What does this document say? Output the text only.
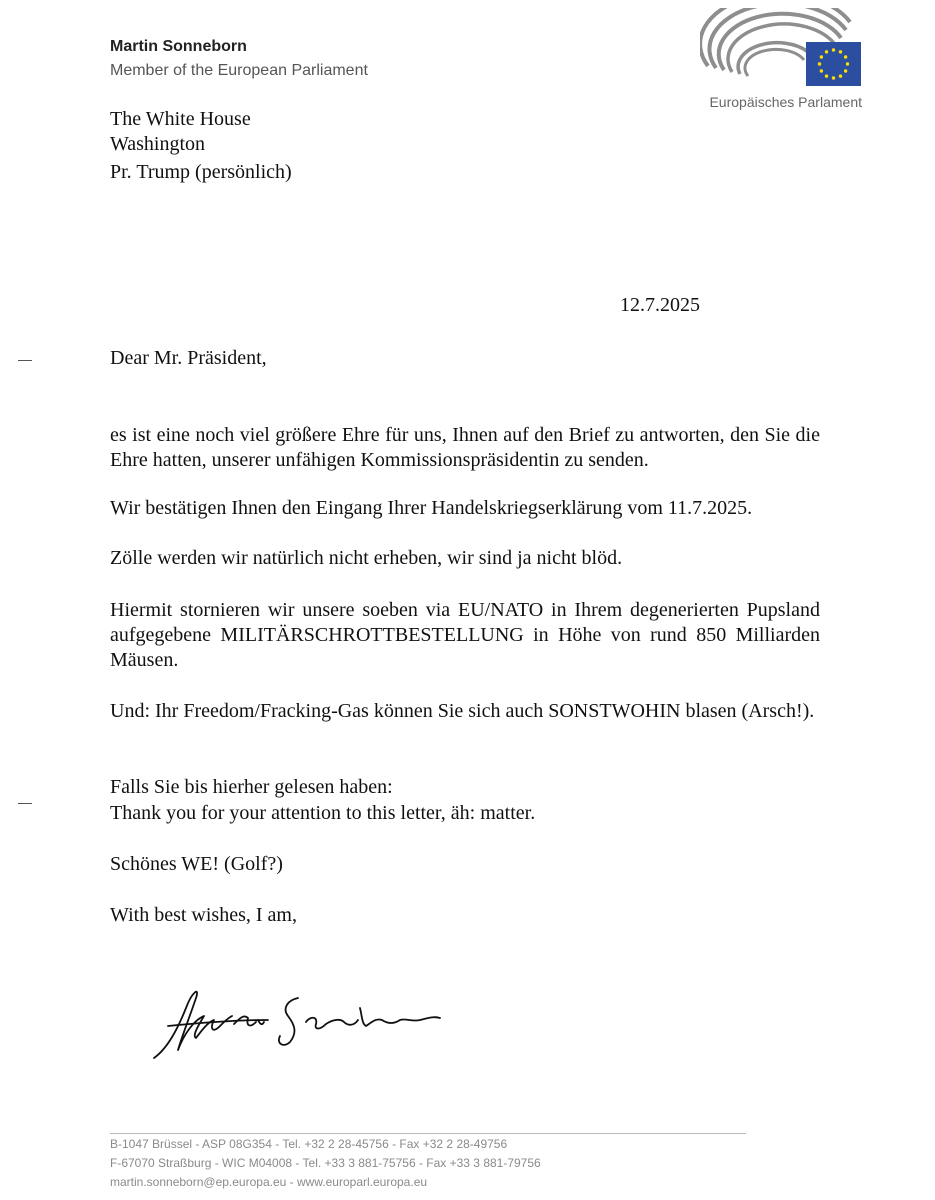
Martin Sonneborn
Member of the European Parliament
Europäisches Parlament
The White House
Washington
Pr. Trump (persönlich)
12.7.2025
Dear Mr. Präsident,
es ist eine noch viel größere Ehre für uns, Ihnen auf den Brief zu antworten, den Sie die Ehre hatten, unserer unfähigen Kommissionspräsidentin zu senden.
Wir bestätigen Ihnen den Eingang Ihrer Handelskriegserklärung vom 11.7.2025.
Zölle werden wir natürlich nicht erheben, wir sind ja nicht blöd.
Hiermit stornieren wir unsere soeben via EU/NATO in Ihrem degenerierten Pupsland aufgegebene MILITÄRSCHROTTBESTELLUNG in Höhe von rund 850 Milliarden Mäusen.
Und: Ihr Freedom/Fracking-Gas können Sie sich auch SONSTWOHIN blasen (Arsch!).
Falls Sie bis hierher gelesen haben:
Thank you for your attention to this letter, äh: matter.
Schönes WE! (Golf?)
With best wishes, I am,
B-1047 Brüssel - ASP 08G354 - Tel. +32 2 28-45756 - Fax +32 2 28-49756
F-67070 Straßburg - WIC M04008 - Tel. +33 3 881-75756 - Fax +33 3 881-79756
martin.sonneborn@ep.europa.eu - www.europarl.europa.eu
